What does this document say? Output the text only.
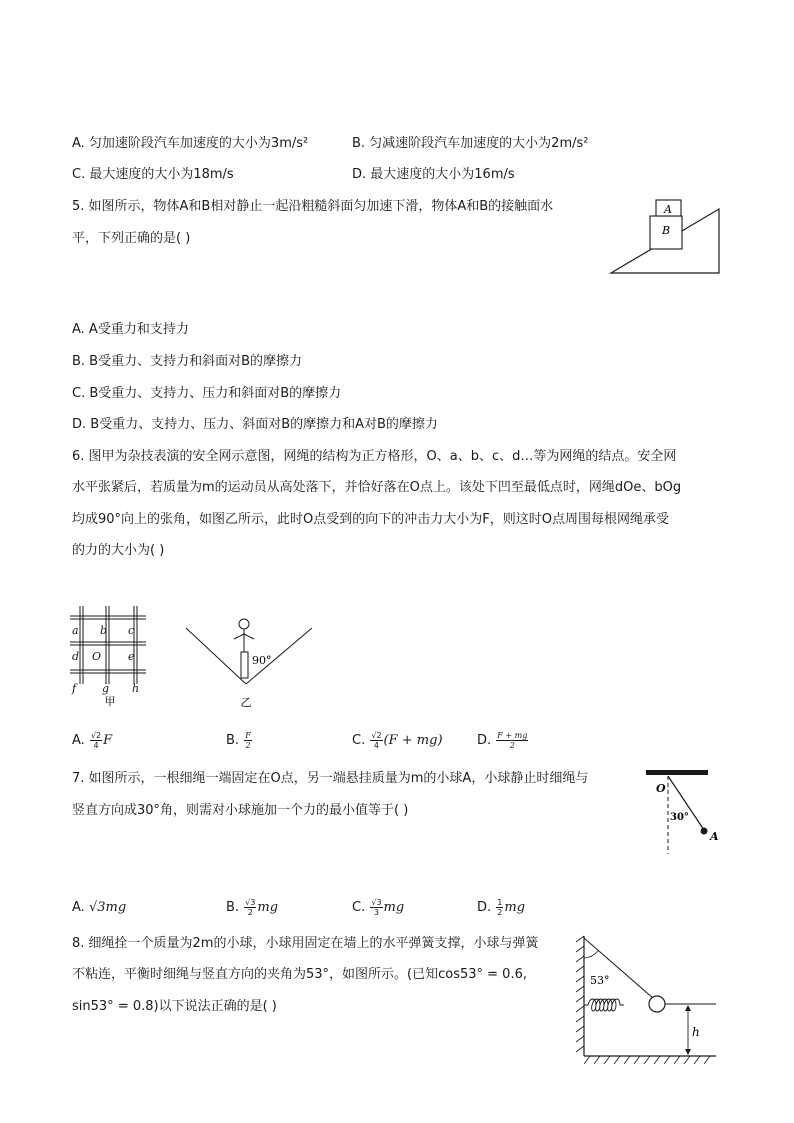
A. 匀加速阶段汽车加速度的大小为3m/s²	B. 匀减速阶段汽车加速度的大小为2m/s²
C. 最大速度的大小为18m/s	D. 最大速度的大小为16m/s
5. 如图所示，物体A和B相对静止一起沿粗糙斜面匀加速下滑，物体A和B的接触面水
平，下列正确的是( )
A
B
A. A受重力和支持力
B. B受重力、支持力和斜面对B的摩擦力
C. B受重力、支持力、压力和斜面对B的摩擦力
D. B受重力、支持力、压力、斜面对B的摩擦力和A对B的摩擦力
6. 图甲为杂技表演的安全网示意图，网绳的结构为正方格形，O、a、b、c、d…等为网绳的结点。安全网
水平张紧后，若质量为m的运动员从高处落下，并恰好落在O点上。该处下凹至最低点时，网绳dOe、bOg
均成90°向上的张角，如图乙所示，此时O点受到的向下的冲击力大小为F，则这时O点周围每根网绳承受
的力的大小为( )
a b c
d O e
f g h
甲
90°
乙
A. $\frac{√2}{4}$ F	B. $\frac{F}{2}$	C. $\frac{√2}{4} (F + mg)$	D. $\frac{F + mg}{2}$
7. 如图所示，一根细绳一端固定在O点，另一端悬挂质量为m的小球A，小球静止时细绳与
竖直方向成30°角，则需对小球施加一个力的最小值等于( )
O
30°
A
A. √3mg	B. $\frac{√3}{2}$ mg	C. $\frac{√3}{3}$ mg	D. $\frac{1}{2}$ mg
8. 细绳拴一个质量为2m的小球，小球用固定在墙上的水平弹簧支撑，小球与弹簧
不粘连，平衡时细绳与竖直方向的夹角为53°，如图所示。(已知cos53° = 0.6,
sin53° = 0.8)以下说法正确的是( )
53°
h
